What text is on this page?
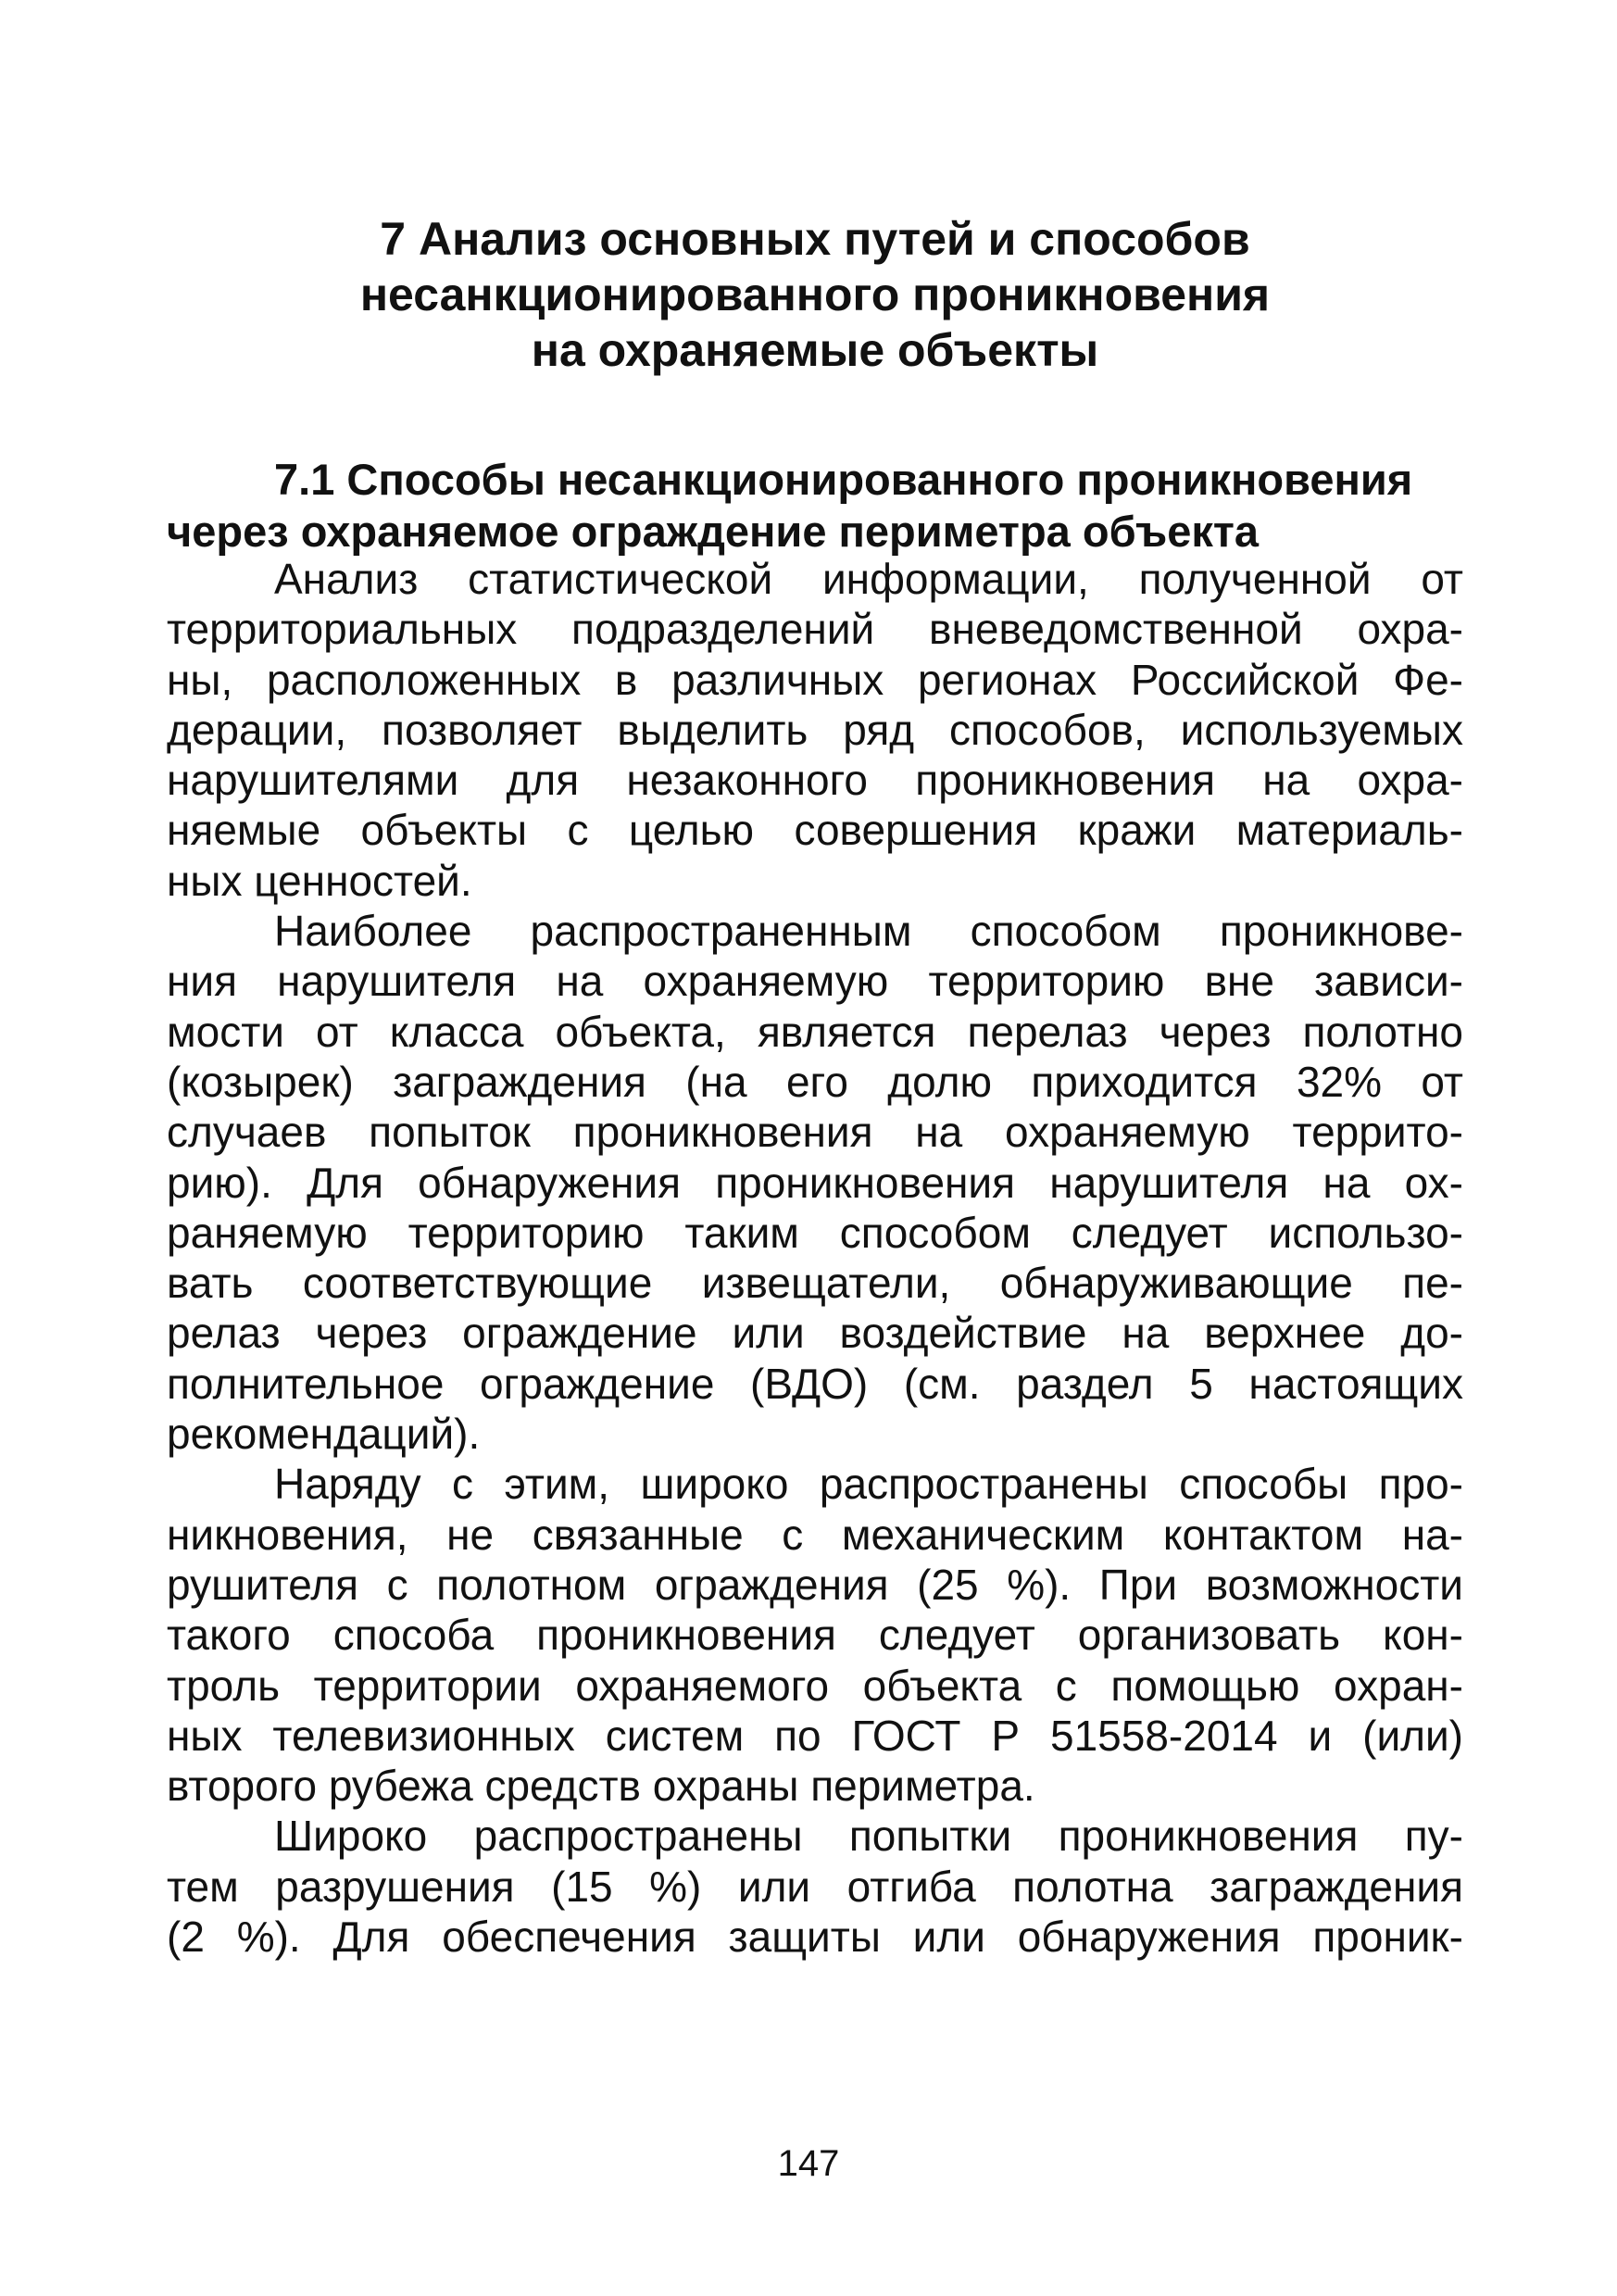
7 Анализ основных путей и способов
несанкционированного проникновения
на охраняемые объекты
7.1 Способы несанкционированного проникновения
через охраняемое ограждение периметра объекта
Анализ статистической информации, полученной от
территориальных подразделений вневедомственной охра-
ны, расположенных в различных регионах Российской Фе-
дерации, позволяет выделить ряд способов, используемых
нарушителями для незаконного проникновения на охра-
няемые объекты с целью совершения кражи материаль-
ных ценностей.
Наиболее распространенным способом проникнове-
ния нарушителя на охраняемую территорию вне зависи-
мости от класса объекта, является перелаз через полотно
(козырек) заграждения (на его долю приходится 32% от
случаев попыток проникновения на охраняемую террито-
рию). Для обнаружения проникновения нарушителя на ох-
раняемую территорию таким способом следует использо-
вать соответствующие извещатели, обнаруживающие пе-
релаз через ограждение или воздействие на верхнее до-
полнительное ограждение (ВДО) (см. раздел 5 настоящих
рекомендаций).
Наряду с этим, широко распространены способы про-
никновения, не связанные с механическим контактом на-
рушителя с полотном ограждения (25 %). При возможности
такого способа проникновения следует организовать кон-
троль территории охраняемого объекта с помощью охран-
ных телевизионных систем по ГОСТ Р 51558-2014 и (или)
второго рубежа средств охраны периметра.
Широко распространены попытки проникновения пу-
тем разрушения (15 %) или отгиба полотна заграждения
(2 %). Для обеспечения защиты или обнаружения проник-
147
